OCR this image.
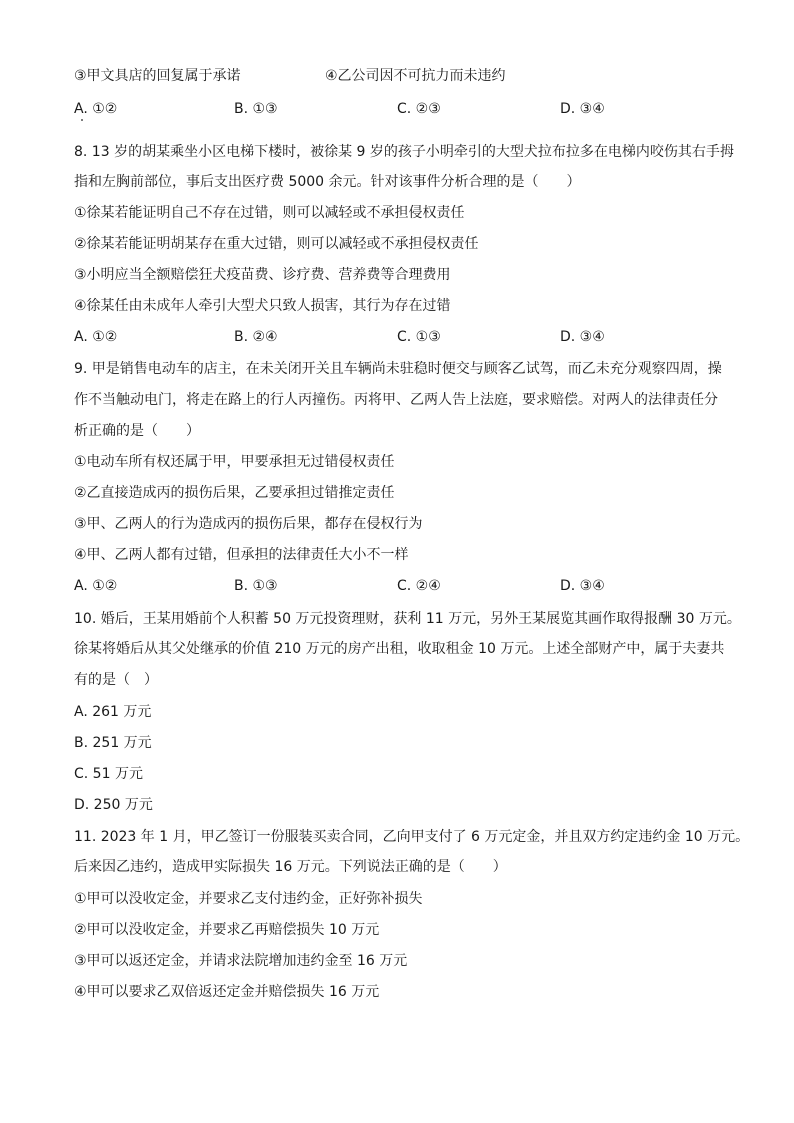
③甲文具店的回复属于承诺	④乙公司因不可抗力而未违约
A. ①②	B. ①③	C. ②③	D. ③④
8. 13 岁的胡某乘坐小区电梯下楼时，被徐某 9 岁的孩子小明牵引的大型犬拉布拉多在电梯内咬伤其右手拇
指和左胸前部位，事后支出医疗费 5000 余元。针对该事件分析合理的是（　　）
①徐某若能证明自己不存在过错，则可以减轻或不承担侵权责任
②徐某若能证明胡某存在重大过错，则可以减轻或不承担侵权责任
③小明应当全额赔偿狂犬疫苗费、诊疗费、营养费等合理费用
④徐某任由未成年人牵引大型犬只致人损害，其行为存在过错
A. ①②	B. ②④	C. ①③	D. ③④
9. 甲是销售电动车的店主，在未关闭开关且车辆尚未驻稳时便交与顾客乙试驾，而乙未充分观察四周，操
作不当触动电门，将走在路上的行人丙撞伤。丙将甲、乙两人告上法庭，要求赔偿。对两人的法律责任分
析正确的是（　　）
①电动车所有权还属于甲，甲要承担无过错侵权责任
②乙直接造成丙的损伤后果，乙要承担过错推定责任
③甲、乙两人的行为造成丙的损伤后果，都存在侵权行为
④甲、乙两人都有过错，但承担的法律责任大小不一样
A. ①②	B. ①③	C. ②④	D. ③④
10. 婚后，王某用婚前个人积蓄 50 万元投资理财，获利 11 万元，另外王某展览其画作取得报酬 30 万元。
徐某将婚后从其父处继承的价值 210 万元的房产出租，收取租金 10 万元。上述全部财产中，属于夫妻共
有的是（　）
A. 261 万元
B. 251 万元
C. 51 万元
D. 250 万元
11. 2023 年 1 月，甲乙签订一份服装买卖合同，乙向甲支付了 6 万元定金，并且双方约定违约金 10 万元。
后来因乙违约，造成甲实际损失 16 万元。下列说法正确的是（　　）
①甲可以没收定金，并要求乙支付违约金，正好弥补损失
②甲可以没收定金，并要求乙再赔偿损失 10 万元
③甲可以返还定金，并请求法院增加违约金至 16 万元
④甲可以要求乙双倍返还定金并赔偿损失 16 万元
